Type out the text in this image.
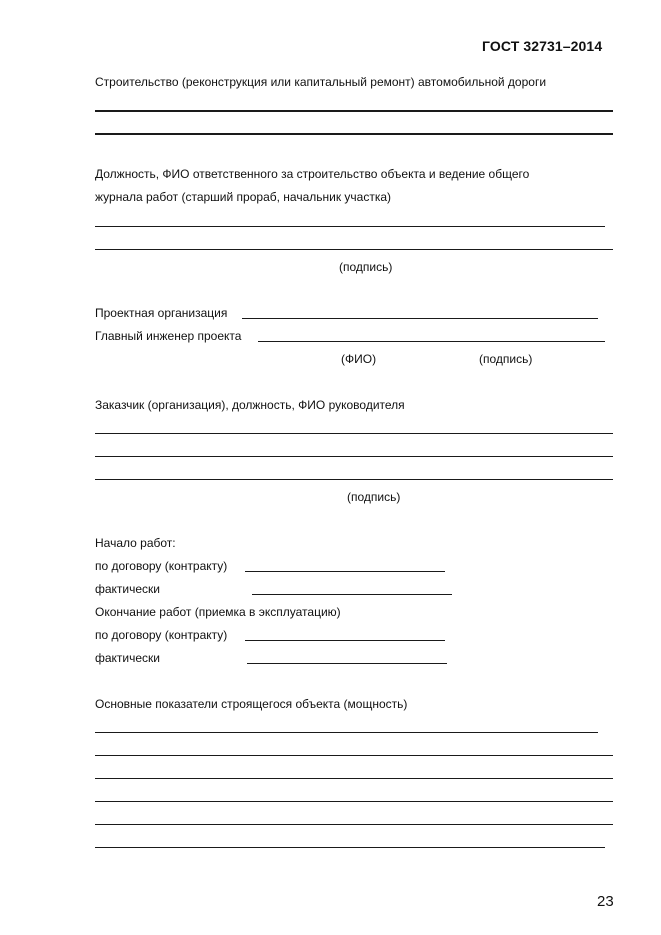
ГОСТ 32731–2014
Строительство (реконструкция или капитальный ремонт) автомобильной дороги
Должность, ФИО ответственного за строительство объекта и ведение общего
журнала работ (старший прораб, начальник участка)
(подпись)
Проектная организация
Главный инженер проекта
(ФИО)	(подпись)
Заказчик (организация), должность, ФИО руководителя
(подпись)
Начало работ:
по договору (контракту)
фактически
Окончание работ (приемка в эксплуатацию)
по договору (контракту)
фактически
Основные показатели строящегося объекта (мощность)
23
